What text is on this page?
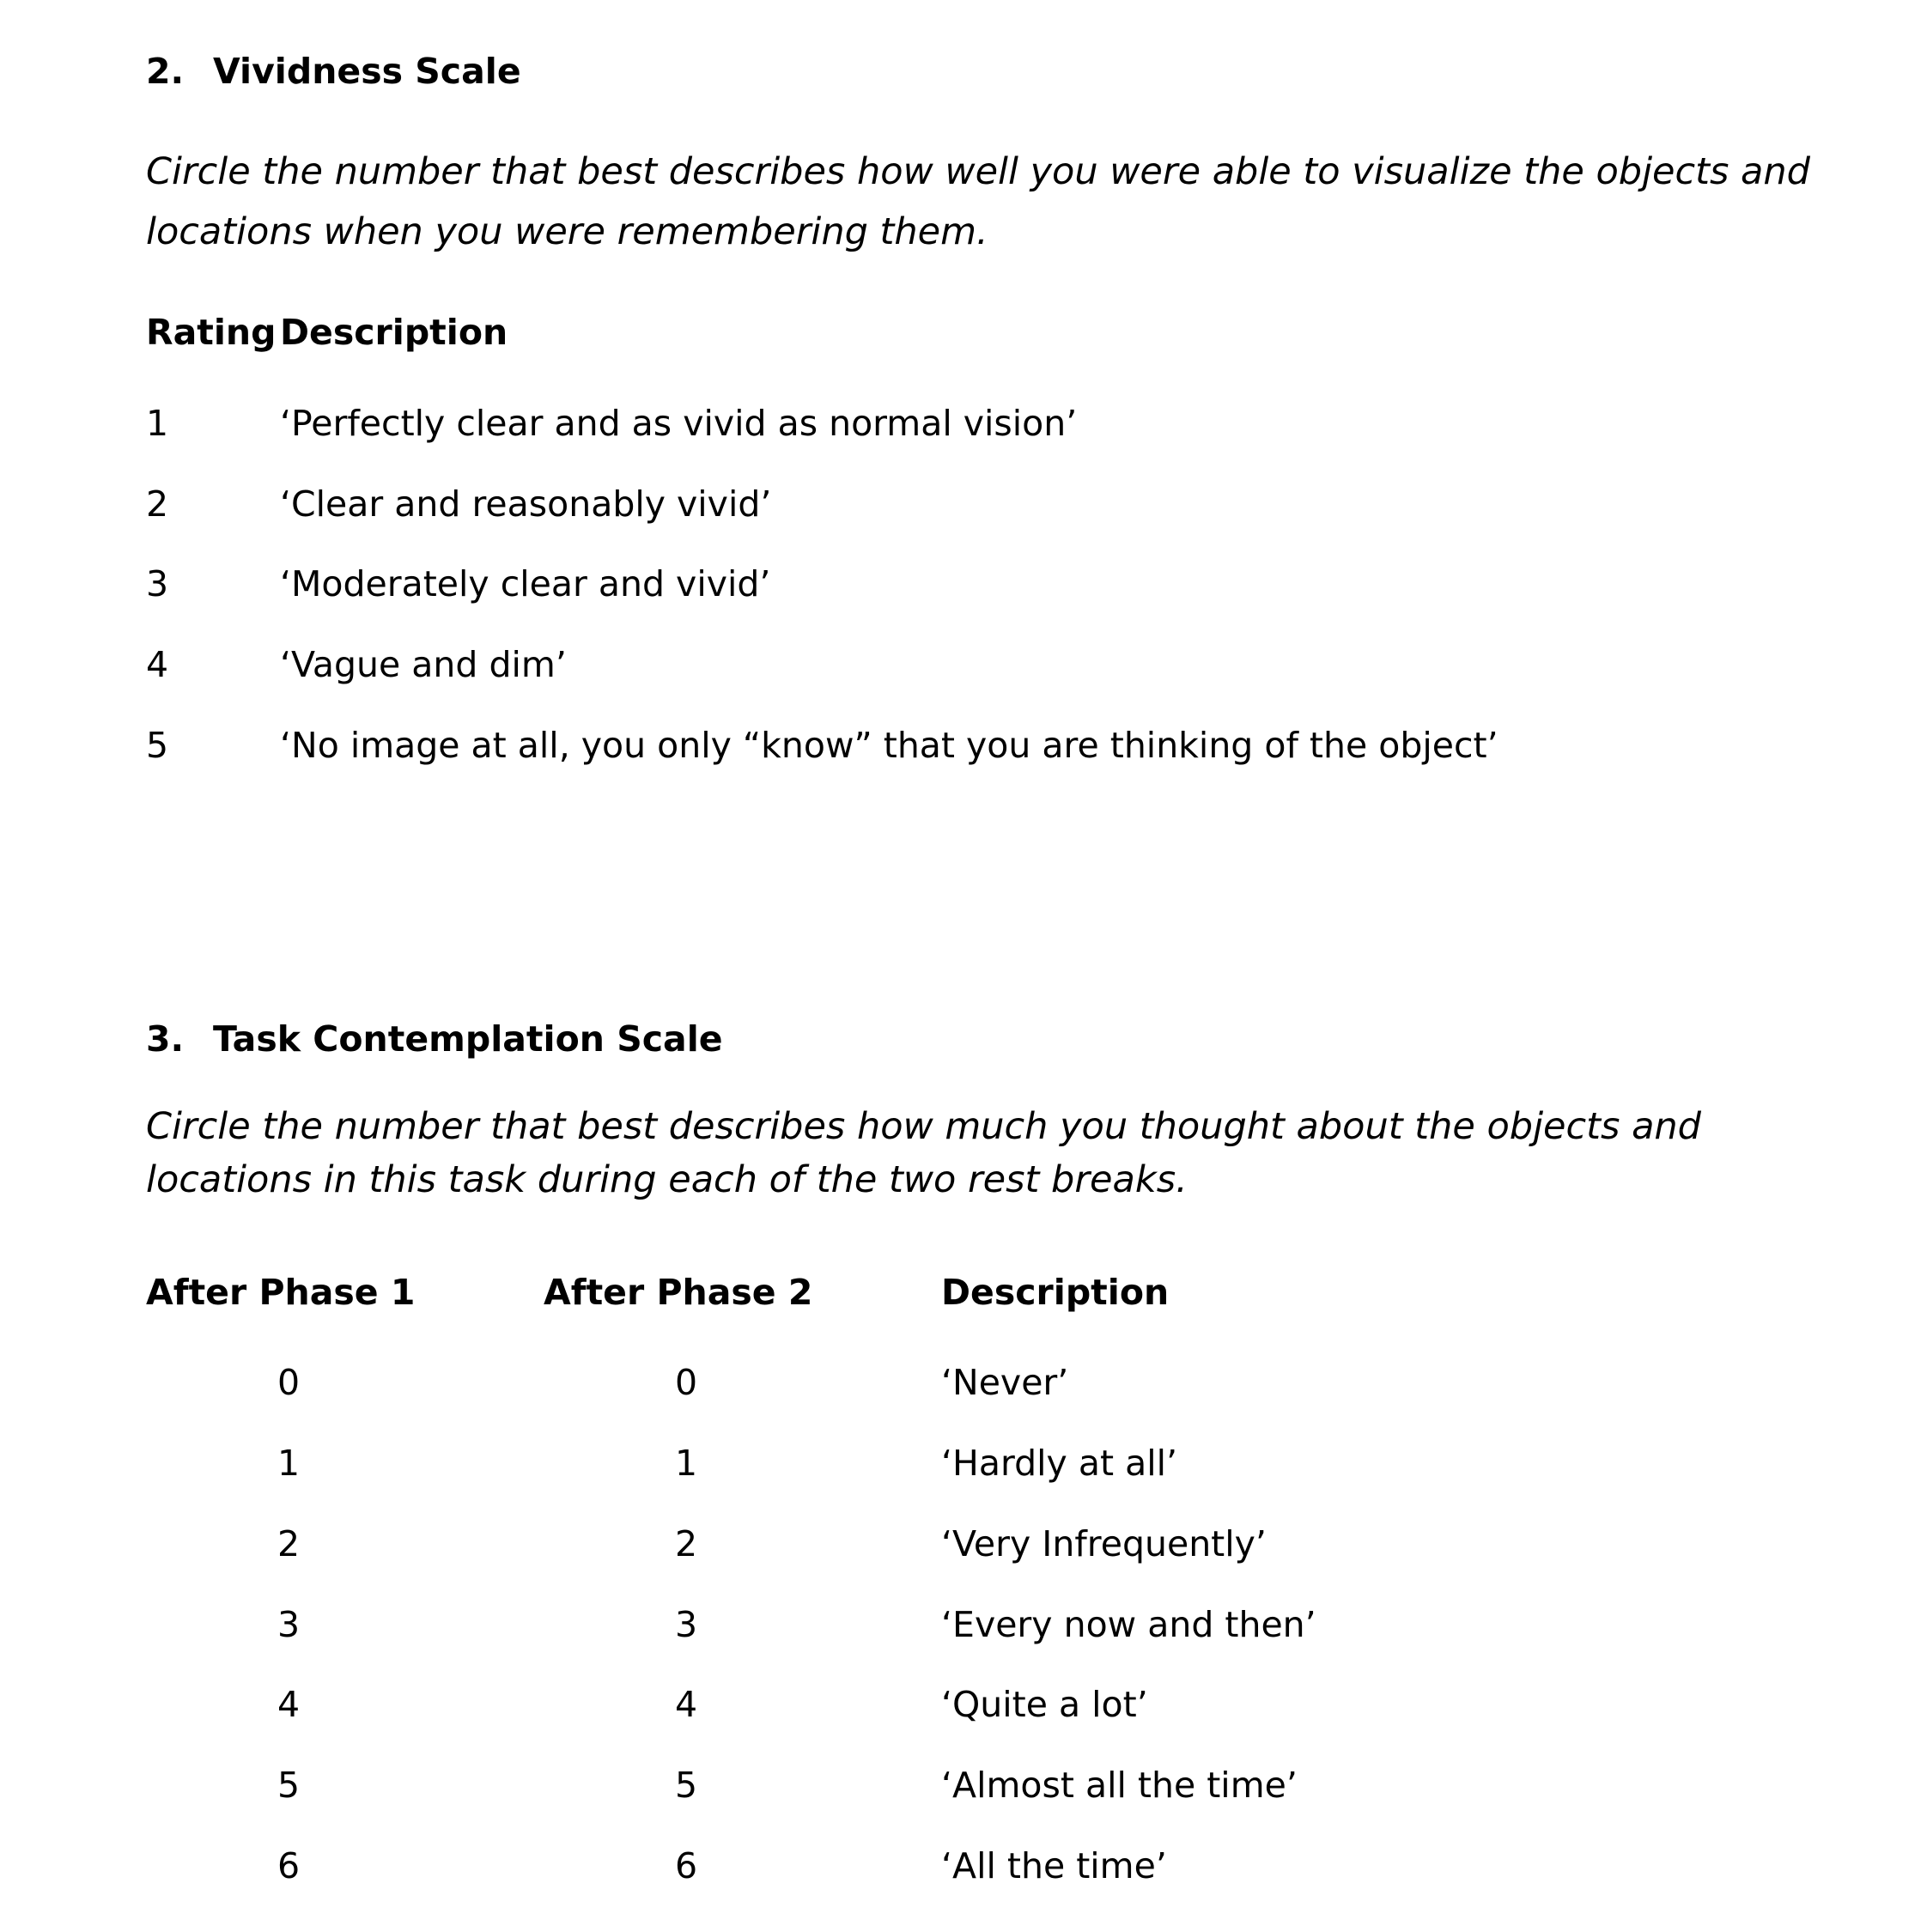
2. Vividness Scale
Circle the number that best describes how well you were able to visualize the objects and locations when you were remembering them.
Rating Description
1	‘Perfectly clear and as vivid as normal vision’
2	‘Clear and reasonably vivid’
3	‘Moderately clear and vivid’
4	‘Vague and dim’
5	‘No image at all, you only “know” that you are thinking of the object’
3. Task Contemplation Scale
Circle the number that best describes how much you thought about the objects and locations in this task during each of the two rest breaks.
After Phase 1	After Phase 2	Description
0	0	‘Never’
1	1	‘Hardly at all’
2	2	‘Very Infrequently’
3	3	‘Every now and then’
4	4	‘Quite a lot’
5	5	‘Almost all the time’
6	6	‘All the time’
